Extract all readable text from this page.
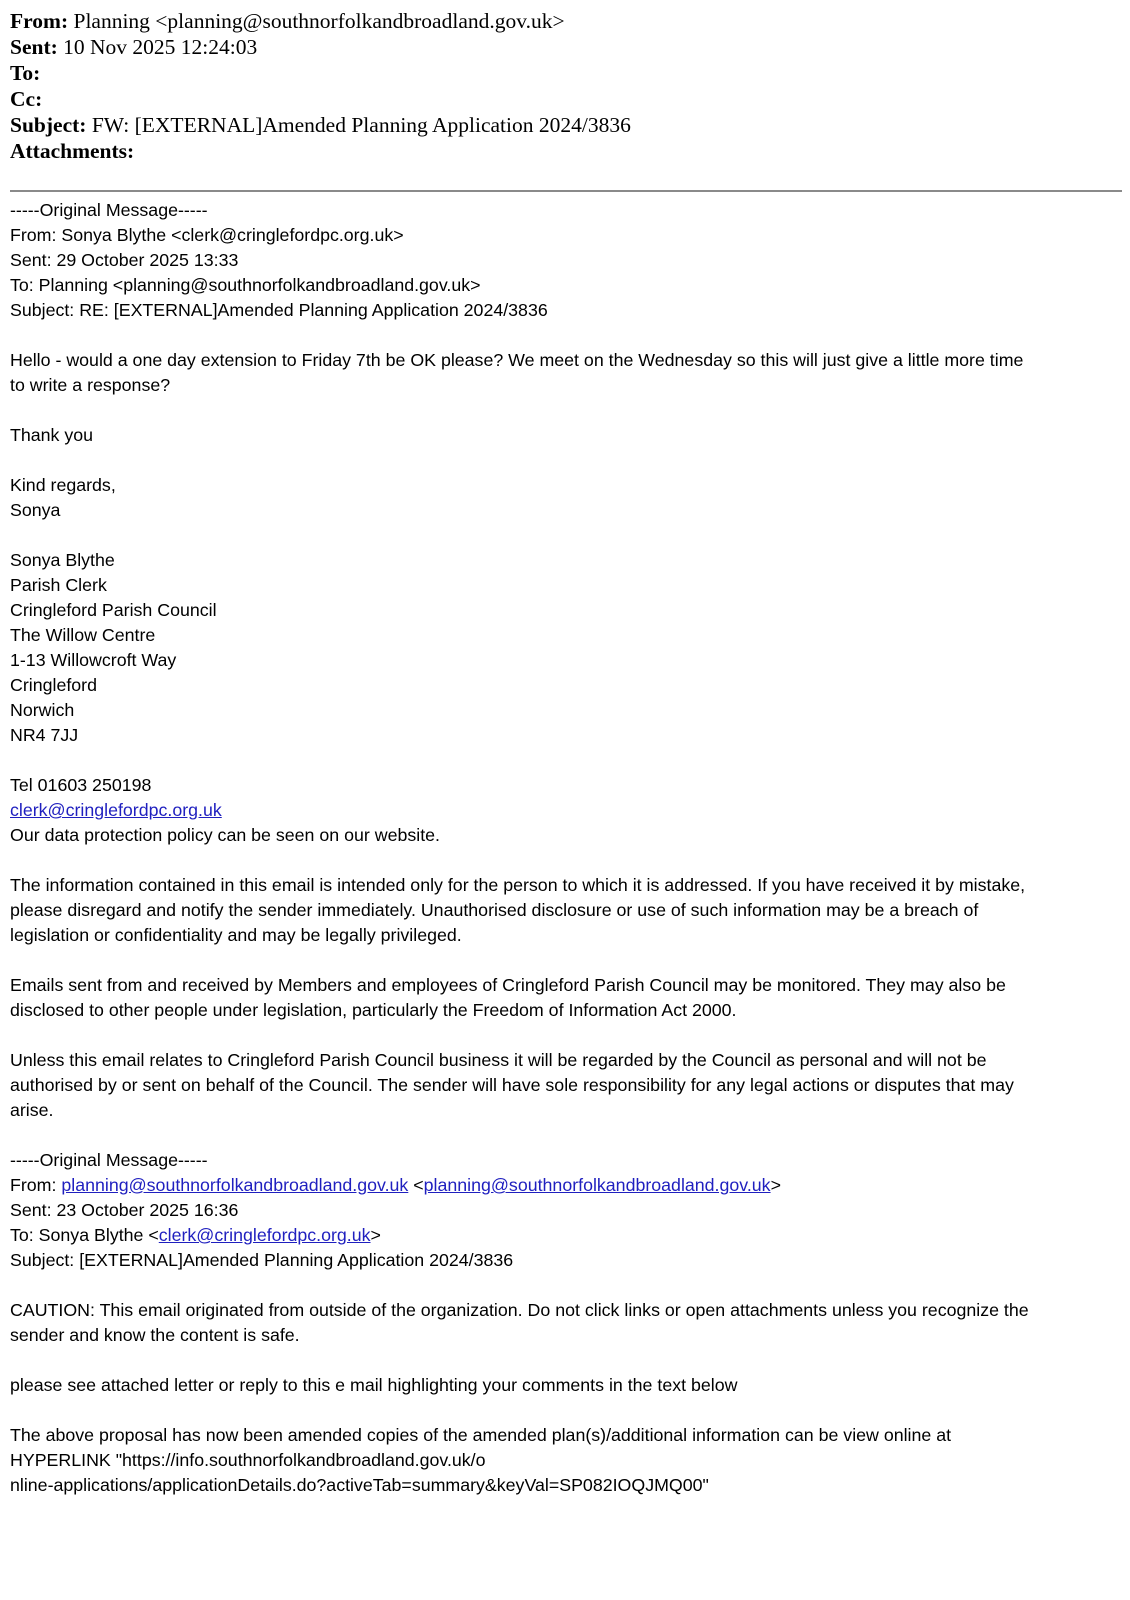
From: Planning <planning@southnorfolkandbroadland.gov.uk>
Sent: 10 Nov 2025 12:24:03
To:
Cc:
Subject: FW: [EXTERNAL]Amended Planning Application 2024/3836
Attachments:
-----Original Message-----
From: Sonya Blythe <clerk@cringlefordpc.org.uk>
Sent: 29 October 2025 13:33
To: Planning <planning@southnorfolkandbroadland.gov.uk>
Subject: RE: [EXTERNAL]Amended Planning Application 2024/3836
Hello - would a one day extension to Friday 7th be OK please? We meet on the Wednesday so this will just give a little more time
to write a response?
Thank you
Kind regards,
Sonya
Sonya Blythe
Parish Clerk
Cringleford Parish Council
The Willow Centre
1-13 Willowcroft Way
Cringleford
Norwich
NR4 7JJ
Tel 01603 250198
clerk@cringlefordpc.org.uk
Our data protection policy can be seen on our website.
The information contained in this email is intended only for the person to which it is addressed. If you have received it by mistake,
please disregard and notify the sender immediately. Unauthorised disclosure or use of such information may be a breach of
legislation or confidentiality and may be legally privileged.
Emails sent from and received by Members and employees of Cringleford Parish Council may be monitored. They may also be
disclosed to other people under legislation, particularly the Freedom of Information Act 2000.
Unless this email relates to Cringleford Parish Council business it will be regarded by the Council as personal and will not be
authorised by or sent on behalf of the Council. The sender will have sole responsibility for any legal actions or disputes that may
arise.
-----Original Message-----
From: planning@southnorfolkandbroadland.gov.uk <planning@southnorfolkandbroadland.gov.uk>
Sent: 23 October 2025 16:36
To: Sonya Blythe <clerk@cringlefordpc.org.uk>
Subject: [EXTERNAL]Amended Planning Application 2024/3836
CAUTION: This email originated from outside of the organization. Do not click links or open attachments unless you recognize the
sender and know the content is safe.
please see attached letter or reply to this e mail highlighting your comments in the text below
The above proposal has now been amended copies of the amended plan(s)/additional information can be view online at
HYPERLINK "https://info.southnorfolkandbroadland.gov.uk/o
nline-applications/applicationDetails.do?activeTab=summary&keyVal=SP082IOQJMQ00"
